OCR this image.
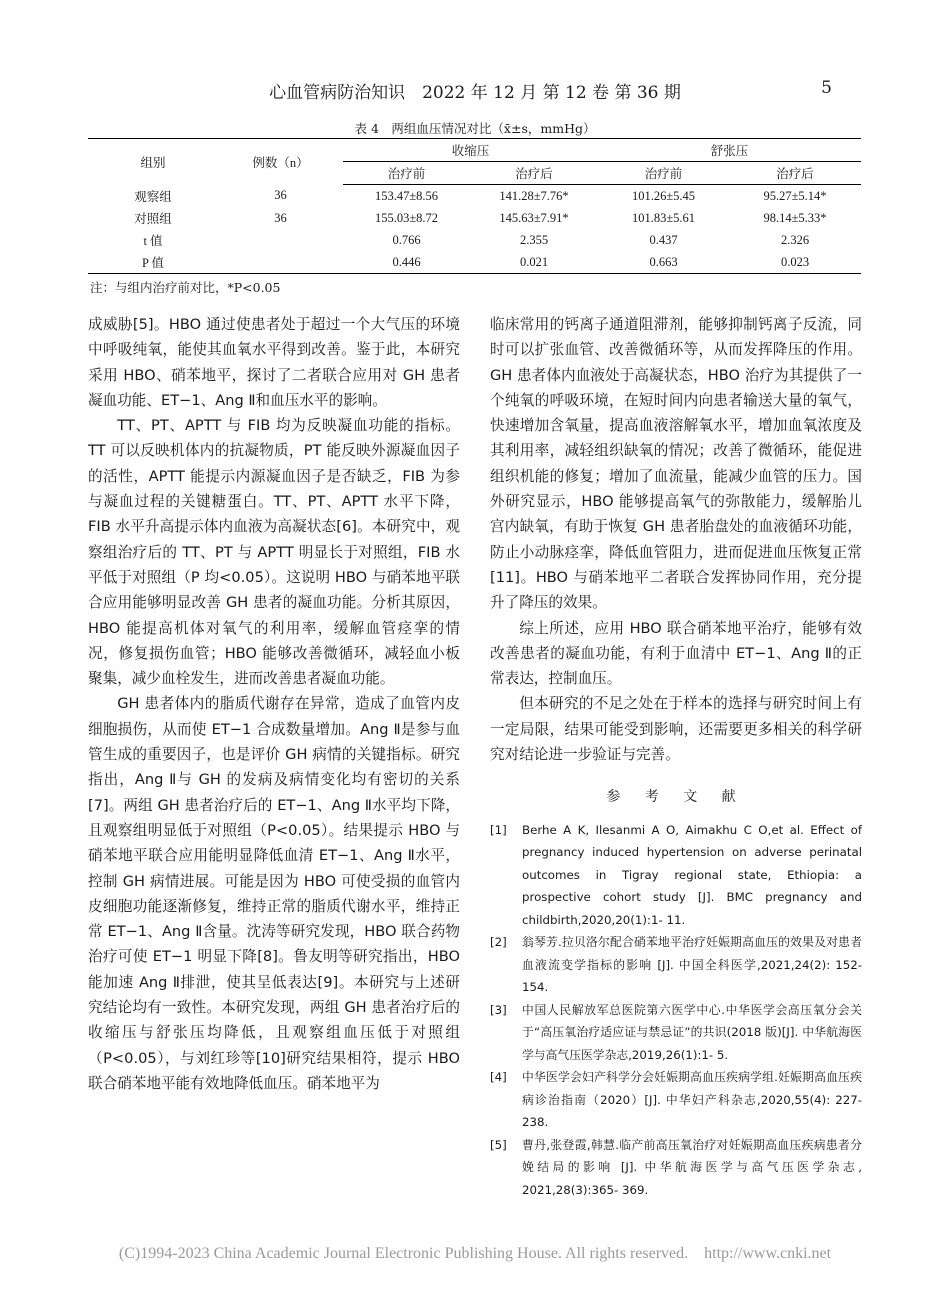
心血管病防治知识　2022 年 12 月 第 12 卷 第 36 期	5
表 4　两组血压情况对比（x̄±s，mmHg）
组别	例数（n）	收缩压		舒张压	
		治疗前	治疗后	治疗前	治疗后
观察组	36	153.47±8.56	141.28±7.76*	101.26±5.45	95.27±5.14*
对照组	36	155.03±8.72	145.63±7.91*	101.83±5.61	98.14±5.33*
t 值		0.766	2.355	0.437	2.326
P 值		0.446	0.021	0.663	0.023
注：与组内治疗前对比，*P<0.05

成威胁[5]。HBO 通过使患者处于超过一个大气压的环境中呼吸纯氧，能使其血氧水平得到改善。鉴于此，本研究采用 HBO、硝苯地平，探讨了二者联合应用对 GH 患者凝血功能、ET−1、Ang Ⅱ和血压水平的影响。

TT、PT、APTT 与 FIB 均为反映凝血功能的指标。TT 可以反映机体内的抗凝物质，PT 能反映外源凝血因子的活性，APTT 能提示内源凝血因子是否缺乏，FIB 为参与凝血过程的关键糖蛋白。TT、PT、APTT 水平下降，FIB 水平升高提示体内血液为高凝状态[6]。本研究中，观察组治疗后的 TT、PT 与 APTT 明显长于对照组，FIB 水平低于对照组（P 均<0.05）。这说明 HBO 与硝苯地平联合应用能够明显改善 GH 患者的凝血功能。分析其原因，HBO 能提高机体对氧气的利用率，缓解血管痉挛的情况，修复损伤血管；HBO 能够改善微循环，减轻血小板聚集，减少血栓发生，进而改善患者凝血功能。

GH 患者体内的脂质代谢存在异常，造成了血管内皮细胞损伤，从而使 ET−1 合成数量增加。Ang Ⅱ是参与血管生成的重要因子，也是评价 GH 病情的关键指标。研究指出，Ang Ⅱ与 GH 的发病及病情变化均有密切的关系[7]。两组 GH 患者治疗后的 ET−1、Ang Ⅱ水平均下降，且观察组明显低于对照组（P<0.05）。结果提示 HBO 与硝苯地平联合应用能明显降低血清 ET−1、Ang Ⅱ水平，控制 GH 病情进展。可能是因为 HBO 可使受损的血管内皮细胞功能逐渐修复，维持正常的脂质代谢水平，维持正常 ET−1、Ang Ⅱ含量。沈涛等研究发现，HBO 联合药物治疗可使 ET−1 明显下降[8]。鲁友明等研究指出，HBO 能加速 Ang Ⅱ排泄，使其呈低表达[9]。本研究与上述研究结论均有一致性。本研究发现，两组 GH 患者治疗后的收缩压与舒张压均降低，且观察组血压低于对照组（P<0.05），与刘红珍等[10]研究结果相符，提示 HBO 联合硝苯地平能有效地降低血压。硝苯地平为

临床常用的钙离子通道阻滞剂，能够抑制钙离子反流，同时可以扩张血管、改善微循环等，从而发挥降压的作用。GH 患者体内血液处于高凝状态，HBO 治疗为其提供了一个纯氧的呼吸环境，在短时间内向患者输送大量的氧气，快速增加含氧量，提高血液溶解氧水平，增加血氧浓度及其利用率，减轻组织缺氧的情况；改善了微循环，能促进组织机能的修复；增加了血流量，能减少血管的压力。国外研究显示，HBO 能够提高氧气的弥散能力，缓解胎儿宫内缺氧，有助于恢复 GH 患者胎盘处的血液循环功能，防止小动脉痉挛，降低血管阻力，进而促进血压恢复正常[11]。HBO 与硝苯地平二者联合发挥协同作用，充分提升了降压的效果。

综上所述，应用 HBO 联合硝苯地平治疗，能够有效改善患者的凝血功能，有利于血清中 ET−1、Ang Ⅱ的正常表达，控制血压。

但本研究的不足之处在于样本的选择与研究时间上有一定局限，结果可能受到影响，还需要更多相关的科学研究对结论进一步验证与完善。

参 考 文 献
[1]	Berhe A K, Ilesanmi A O, Aimakhu C O,et al. Effect of pregnancy induced hypertension on adverse perinatal outcomes in Tigray regional state, Ethiopia: a prospective cohort study [J]. BMC pregnancy and childbirth,2020,20(1):1- 11.
[2]	翁琴芳.拉贝洛尔配合硝苯地平治疗妊娠期高血压的效果及对患者血液流变学指标的影响 [J]. 中国全科医学,2021,24(2): 152- 154.
[3]	中国人民解放军总医院第六医学中心.中华医学会高压氧分会关于“高压氧治疗适应证与禁忌证”的共识(2018 版)[J]. 中华航海医学与高气压医学杂志,2019,26(1):1- 5.
[4]	中华医学会妇产科学分会妊娠期高血压疾病学组.妊娠期高血压疾病诊治指南（2020）[J]. 中华妇产科杂志,2020,55(4): 227- 238.
[5]	曹丹,张登霞,韩慧.临产前高压氧治疗对妊娠期高血压疾病患者分娩结局的影响 [J]. 中华航海医学与高气压医学杂志, 2021,28(3):365- 369.
(C)1994-2023 China Academic Journal Electronic Publishing House. All rights reserved.　http://www.cnki.net
